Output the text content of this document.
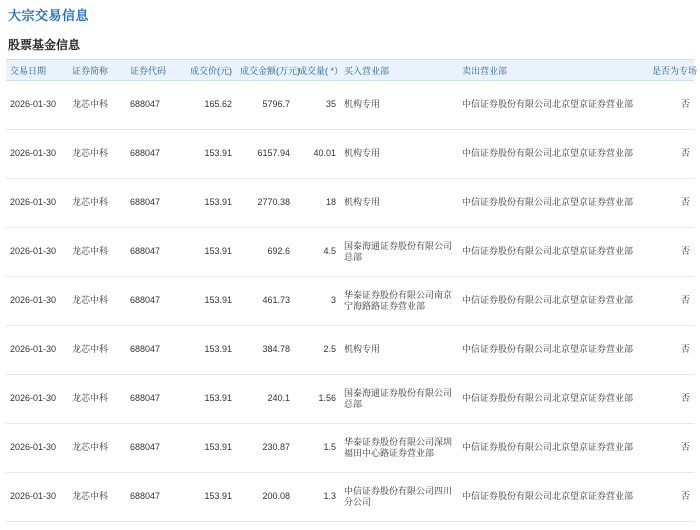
大宗交易信息
股票基金信息
交易日期	证券简称	证券代码	成交价(元)	成交金额(万元)	成交量( *）	买入营业部	卖出营业部	是否为专场
2026-01-30	龙芯中科	688047	165.62	5796.7	35	机构专用	中信证券股份有限公司北京望京证券营业部	否
2026-01-30	龙芯中科	688047	153.91	6157.94	40.01	机构专用	中信证券股份有限公司北京望京证券营业部	否
2026-01-30	龙芯中科	688047	153.91	2770.38	18	机构专用	中信证券股份有限公司北京望京证券营业部	否
2026-01-30	龙芯中科	688047	153.91	692.6	4.5	国泰海通证券股份有限公司总部	中信证券股份有限公司北京望京证券营业部	否
2026-01-30	龙芯中科	688047	153.91	461.73	3	华泰证券股份有限公司南京宁海路路证券营业部	中信证券股份有限公司北京望京证券营业部	否
2026-01-30	龙芯中科	688047	153.91	384.78	2.5	机构专用	中信证券股份有限公司北京望京证券营业部	否
2026-01-30	龙芯中科	688047	153.91	240.1	1.56	国泰海通证券股份有限公司总部	中信证券股份有限公司北京望京证券营业部	否
2026-01-30	龙芯中科	688047	153.91	230.87	1.5	华泰证券股份有限公司深圳福田中心路证券营业部	中信证券股份有限公司北京望京证券营业部	否
2026-01-30	龙芯中科	688047	153.91	200.08	1.3	中信证券股份有限公司四川分公司	中信证券股份有限公司北京望京证券营业部	否
